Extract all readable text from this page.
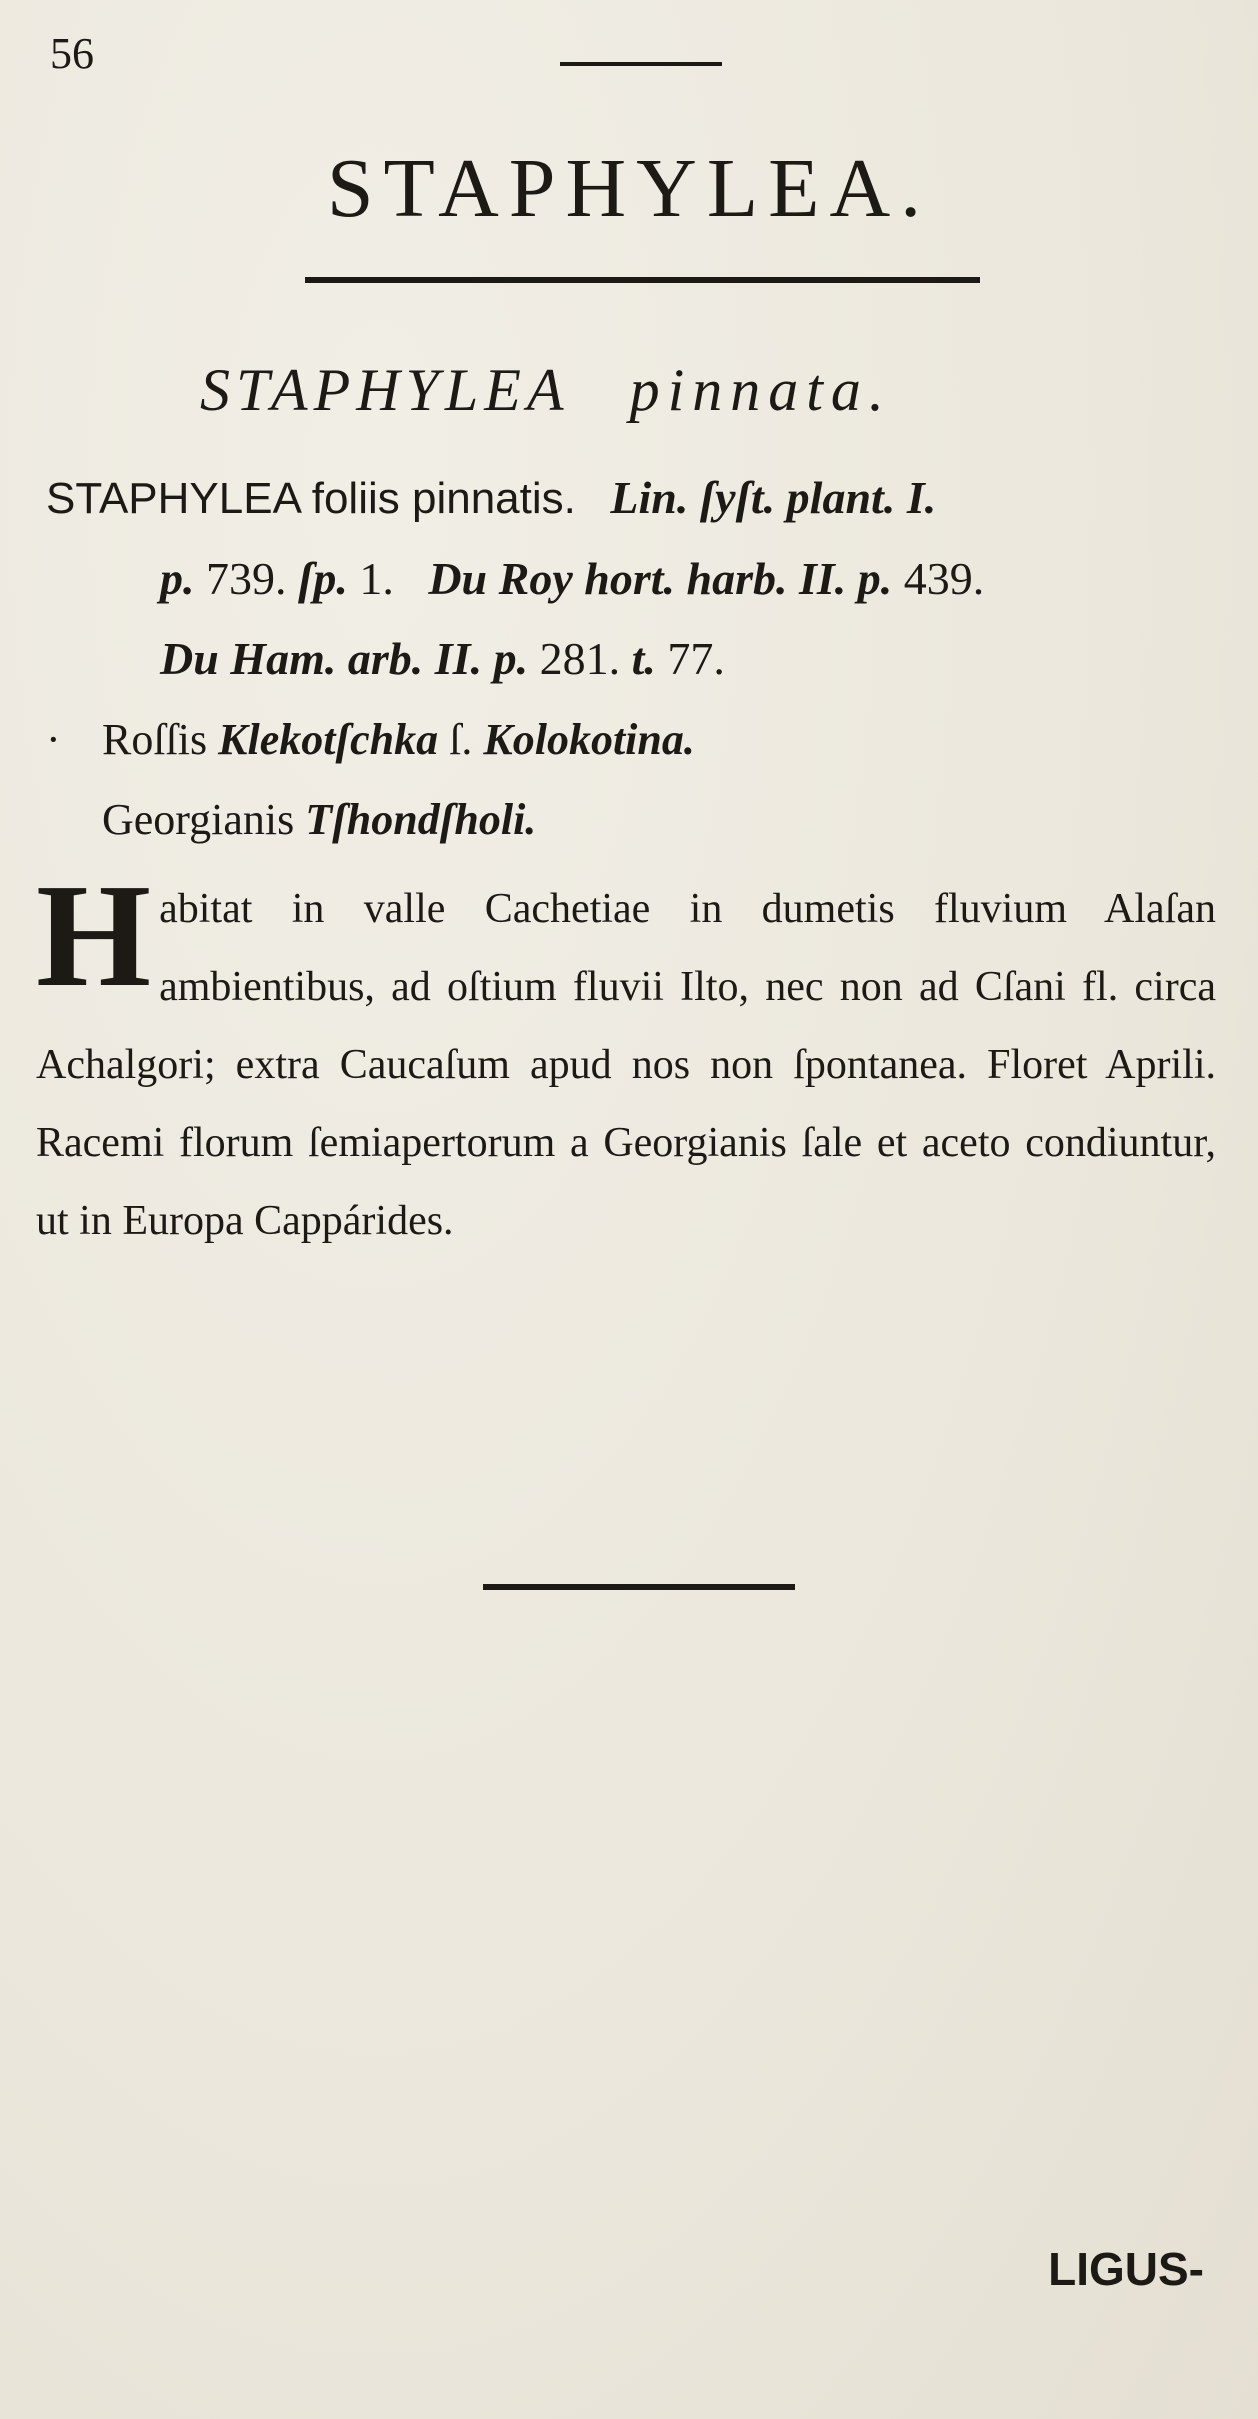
56
STAPHYLEA.
STAPHYLEA pinnata.
STAPHYLEA foliis pinnatis. Lin. ſyſt. plant. I.
p. 739. ſp. 1.   Du Roy hort. harb. II. p. 439.
Du Ham. arb. II. p. 281. t. 77.
· Roſſis Klekotſchka ſ. Kolokotina.
Georgianis Tſhondſholi.
Habitat in valle Cachetiae in dumetis fluvium Alaſan ambientibus, ad oſtium fluvii Ilto, nec non ad Cſani fl. circa Achalgori; extra Caucaſum apud nos non ſpontanea. Floret Aprili. Racemi florum ſemiapertorum a Georgianis ſale et aceto condiuntur, ut in Europa Cappárides.
LIGUS-
